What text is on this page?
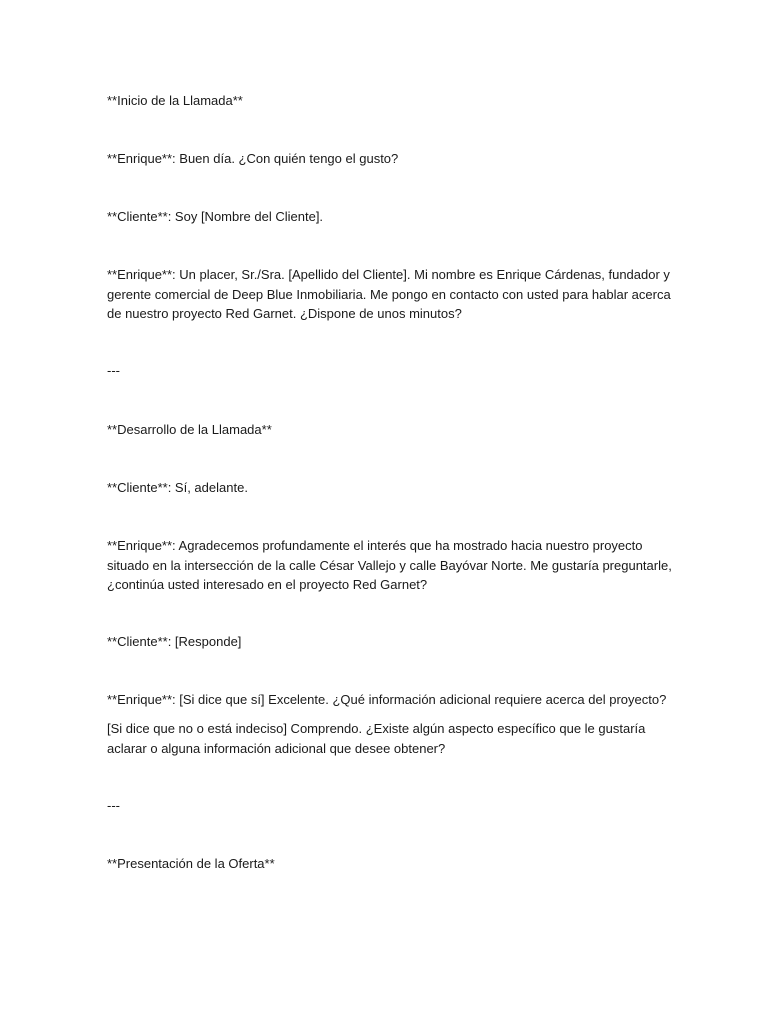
**Inicio de la Llamada**

**Enrique**: Buen día. ¿Con quién tengo el gusto?

**Cliente**: Soy [Nombre del Cliente].

**Enrique**: Un placer, Sr./Sra. [Apellido del Cliente]. Mi nombre es Enrique Cárdenas, fundador y
gerente comercial de Deep Blue Inmobiliaria. Me pongo en contacto con usted para hablar acerca
de nuestro proyecto Red Garnet. ¿Dispone de unos minutos?

---

**Desarrollo de la Llamada**

**Cliente**: Sí, adelante.

**Enrique**: Agradecemos profundamente el interés que ha mostrado hacia nuestro proyecto
situado en la intersección de la calle César Vallejo y calle Bayóvar Norte. Me gustaría preguntarle,
¿continúa usted interesado en el proyecto Red Garnet?

**Cliente**: [Responde]

**Enrique**: [Si dice que sí] Excelente. ¿Qué información adicional requiere acerca del proyecto?

[Si dice que no o está indeciso] Comprendo. ¿Existe algún aspecto específico que le gustaría
aclarar o alguna información adicional que desee obtener?

---

**Presentación de la Oferta**
